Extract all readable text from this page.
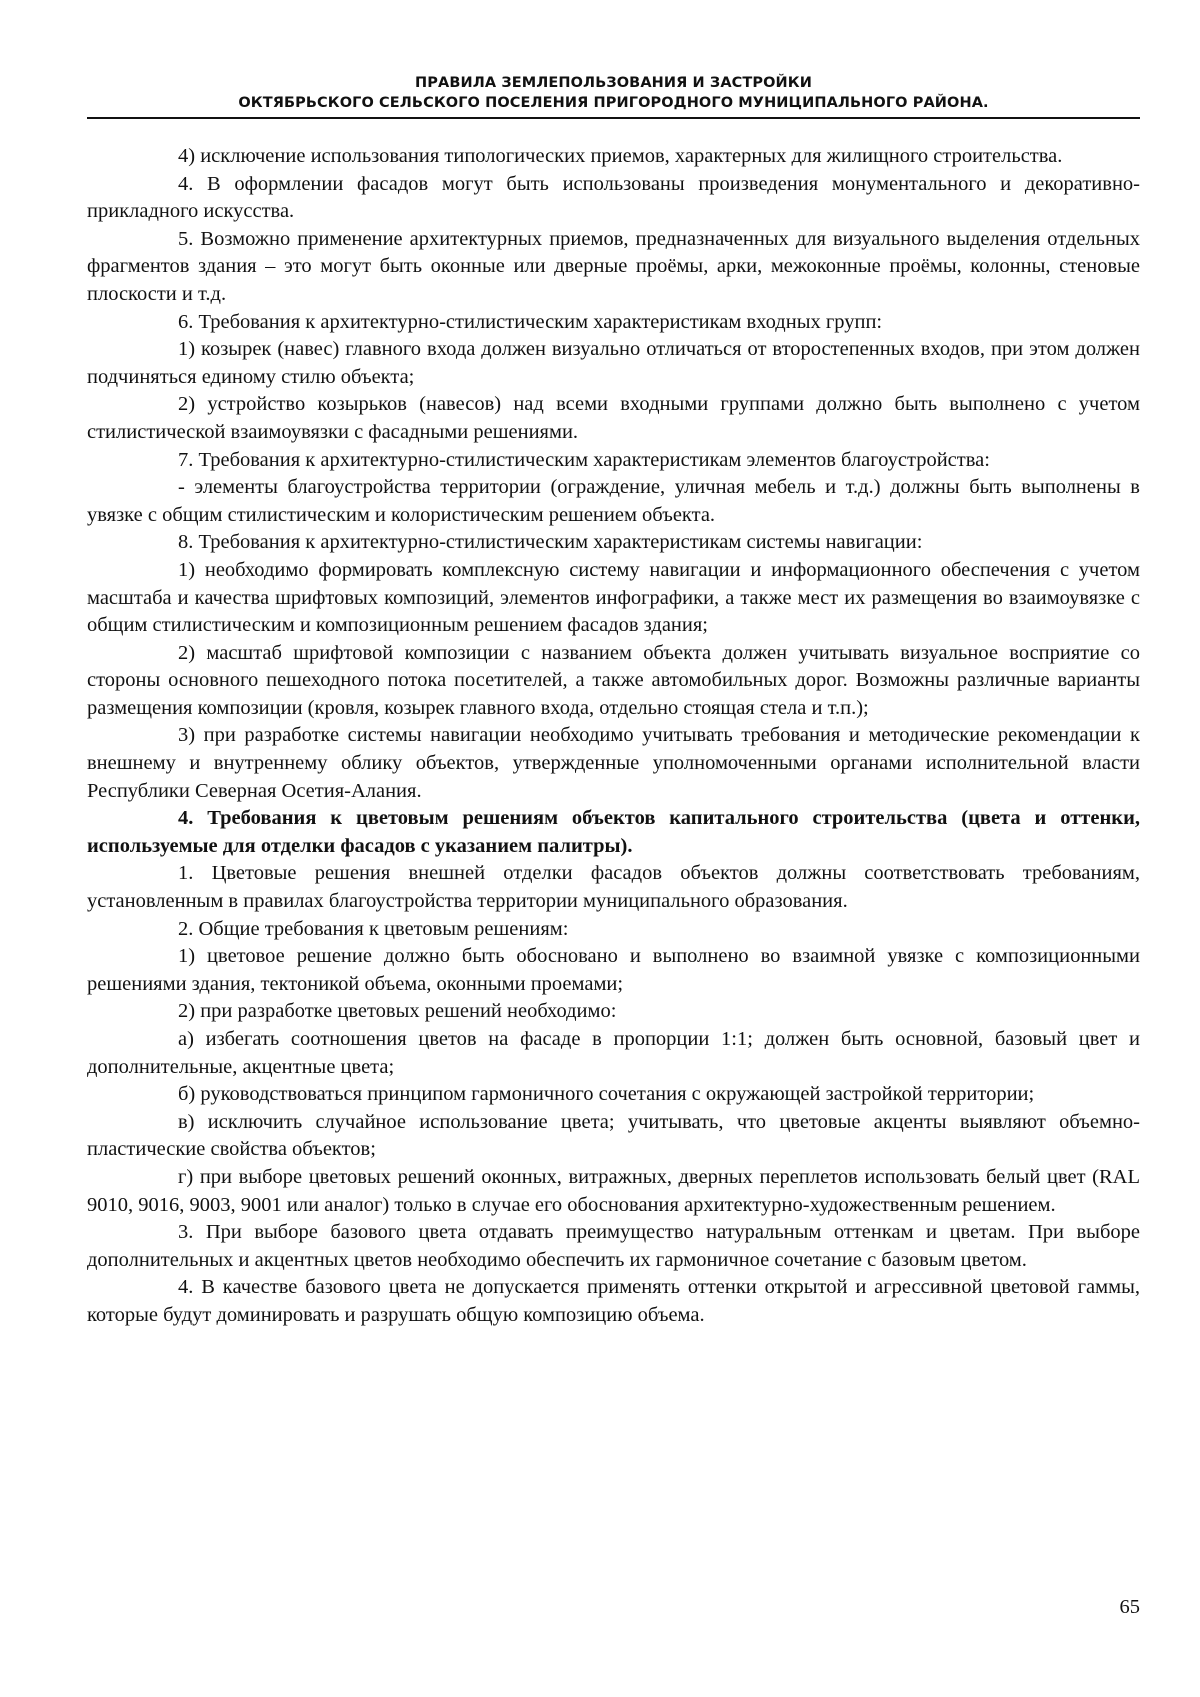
ПРАВИЛА ЗЕМЛЕПОЛЬЗОВАНИЯ И ЗАСТРОЙКИ
ОКТЯБРЬСКОГО СЕЛЬСКОГО ПОСЕЛЕНИЯ ПРИГОРОДНОГО МУНИЦИПАЛЬНОГО РАЙОНА.

4) исключение использования типологических приемов, характерных для жилищного строительства.

4. В оформлении фасадов могут быть использованы произведения монументального и декоративно-прикладного искусства.

5. Возможно применение архитектурных приемов, предназначенных для визуального выделения отдельных фрагментов здания – это могут быть оконные или дверные проёмы, арки, межоконные проёмы, колонны, стеновые плоскости и т.д.

6. Требования к архитектурно-стилистическим характеристикам входных групп:

1) козырек (навес) главного входа должен визуально отличаться от второстепенных входов, при этом должен подчиняться единому стилю объекта;

2) устройство козырьков (навесов) над всеми входными группами должно быть выполнено с учетом стилистической взаимоувязки с фасадными решениями.

7. Требования к архитектурно-стилистическим характеристикам элементов благоустройства:

- элементы благоустройства территории (ограждение, уличная мебель и т.д.) должны быть выполнены в увязке с общим стилистическим и колористическим решением объекта.

8. Требования к архитектурно-стилистическим характеристикам системы навигации:

1) необходимо формировать комплексную систему навигации и информационного обеспечения с учетом масштаба и качества шрифтовых композиций, элементов инфографики, а также мест их размещения во взаимоувязке с общим стилистическим и композиционным решением фасадов здания;

2) масштаб шрифтовой композиции с названием объекта должен учитывать визуальное восприятие со стороны основного пешеходного потока посетителей, а также автомобильных дорог. Возможны различные варианты размещения композиции (кровля, козырек главного входа, отдельно стоящая стела и т.п.);

3) при разработке системы навигации необходимо учитывать требования и методические рекомендации к внешнему и внутреннему облику объектов, утвержденные уполномоченными органами исполнительной власти Республики Северная Осетия-Алания.

4. Требования к цветовым решениям объектов капитального строительства (цвета и оттенки, используемые для отделки фасадов с указанием палитры).

1. Цветовые решения внешней отделки фасадов объектов должны соответствовать требованиям, установленным в правилах благоустройства территории муниципального образования.

2. Общие требования к цветовым решениям:

1) цветовое решение должно быть обосновано и выполнено во взаимной увязке с композиционными решениями здания, тектоникой объема, оконными проемами;

2) при разработке цветовых решений необходимо:

а) избегать соотношения цветов на фасаде в пропорции 1:1; должен быть основной, базовый цвет и дополнительные, акцентные цвета;

б) руководствоваться принципом гармоничного сочетания с окружающей застройкой территории;

в) исключить случайное использование цвета; учитывать, что цветовые акценты выявляют объемно-пластические свойства объектов;

г) при выборе цветовых решений оконных, витражных, дверных переплетов использовать белый цвет (RAL 9010, 9016, 9003, 9001 или аналог) только в случае его обоснования архитектурно-художественным решением.

3. При выборе базового цвета отдавать преимущество натуральным оттенкам и цветам. При выборе дополнительных и акцентных цветов необходимо обеспечить их гармоничное сочетание с базовым цветом.

4. В качестве базового цвета не допускается применять оттенки открытой и агрессивной цветовой гаммы, которые будут доминировать и разрушать общую композицию объема.

65
